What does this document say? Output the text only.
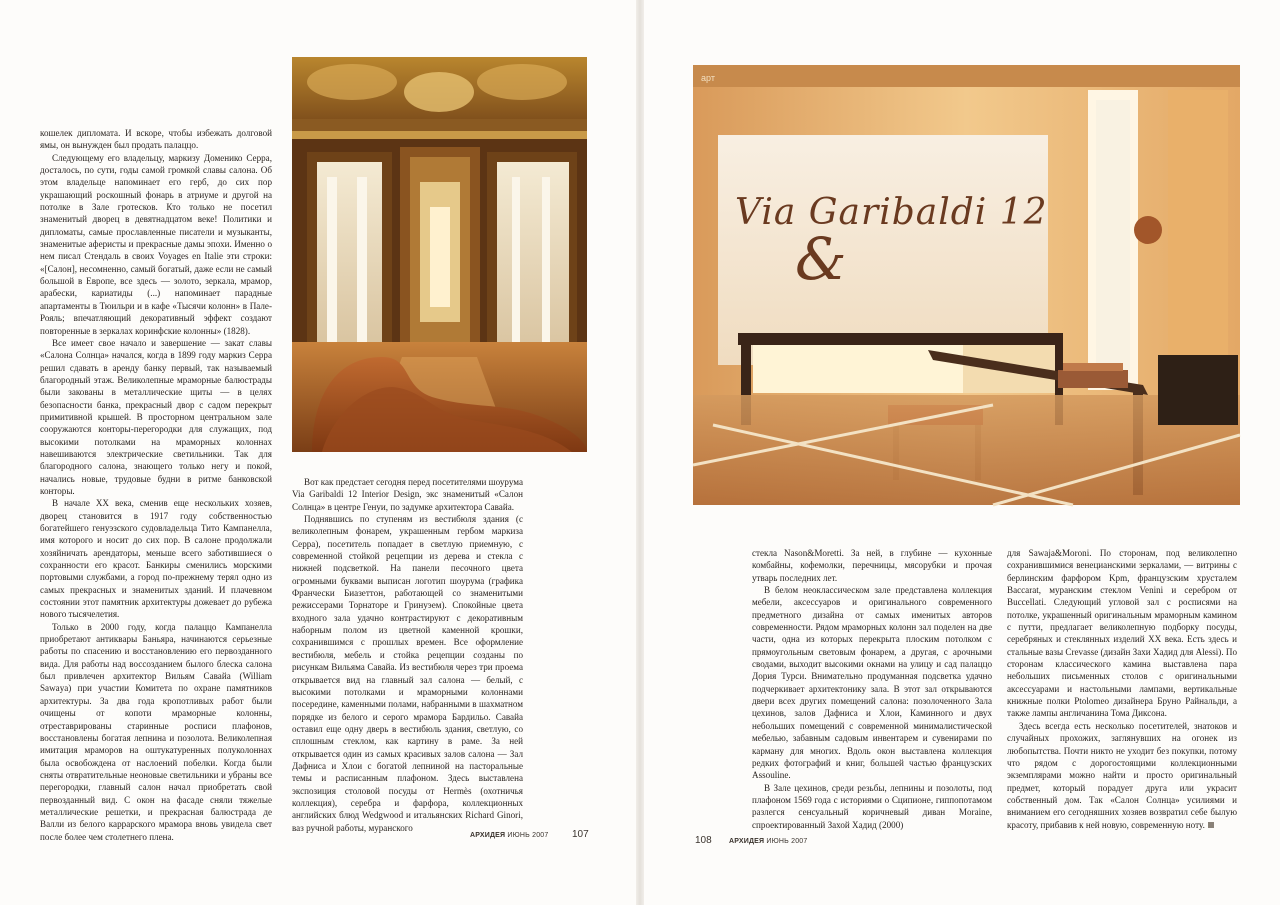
арт
Via Garibaldi 12
&

кошелек дипломата. И вскоре, чтобы избежать долговой ямы, он вынужден был продать палаццо.

Следующему его владельцу, маркизу Доменико Серра, досталось, по сути, годы самой громкой славы салона. Об этом владельце напоминает его герб, до сих пор украшающий роскошный фонарь в атриуме и другой на потолке в Зале гротесков. Кто только не посетил знаменитый дворец в девятнадцатом веке! Политики и дипломаты, самые прославленные писатели и музыканты, знаменитые аферисты и прекрасные дамы эпохи. Именно о нем писал Стендаль в своих Voyages en Italie эти строки: «[Салон], несомненно, самый богатый, даже если не самый большой в Европе, все здесь — золото, зеркала, мрамор, арабески, кариатиды (...) напоминает парадные апартаменты в Тюильри и в кафе «Тысячи колонн» в Пале-Рояль; впечатляющий декоративный эффект создают повторенные в зеркалах коринфские колонны» (1828).

Все имеет свое начало и завершение — закат славы «Салона Солнца» начался, когда в 1899 году маркиз Серра решил сдавать в аренду банку первый, так называемый благородный этаж. Великолепные мраморные балюстрады были закованы в металлические щиты — в целях безопасности банка, прекрасный двор с садом перекрыт примитивной крышей. В просторном центральном зале сооружаются конторы-перегородки для служащих, под высокими потолками на мраморных колоннах навешиваются электрические светильники. Так для благородного салона, знающего только негу и покой, начались новые, трудовые будни в ритме банковской конторы.

В начале XX века, сменив еще нескольких хозяев, дворец становится в 1917 году собственностью богатейшего генуэзского судовладельца Тито Кампанелла, имя которого и носит до сих пор. В салоне продолжали хозяйничать арендаторы, меньше всего заботившиеся о сохранности его красот. Банкиры сменились морскими портовыми службами, а город по-прежнему терял одно из самых прекрасных и знаменитых зданий. И плачевном состоянии этот памятник архитектуры дожевает до рубежа нового тысячелетия.

Только в 2000 году, когда палаццо Кампанелла приобретают антиквары Баньяра, начинаются серьезные работы по спасению и восстановлению его первозданного вида. Для работы над воссозданием былого блеска салона был привлечен архитектор Вильям Савайа (William Sawaya) при участии Комитета по охране памятников архитектуры. За два года кропотливых работ были очищены от копоти мраморные колонны, отреставрированы старинные росписи плафонов, восстановлены богатая лепнина и позолота. Великолепная имитация мраморов на оштукатуренных полуколоннах была освобождена от наслоений побелки. Когда были сняты отвратительные неоновые светильники и убраны все перегородки, главный салон начал приобретать свой первозданный вид. С окон на фасаде сняли тяжелые металлические решетки, и прекрасная балюстрада де Валли из белого каррарского мрамора вновь увидела свет после более чем столетнего плена.

Вот как предстает сегодня перед посетителями шоурума Via Garibaldi 12 Interior Design, экс знаменитый «Салон Солнца» в центре Генуи, по задумке архитектора Савайа.

Поднявшись по ступеням из вестибюля здания (с великолепным фонарем, украшенным гербом маркиза Серра), посетитель попадает в светлую приемную, с современной стойкой рецепции из дерева и стекла с нижней подсветкой. На панели песочного цвета огромными буквами выписан логотип шоурума (графика Франчески Биазеттон, работающей со знаменитыми режиссерами Торнаторе и Гринуэем). Спокойные цвета входного зала удачно контрастируют с декоративным наборным полом из цветной каменной крошки, сохранившимся с прошлых времен. Все оформление вестибюля, мебель и стойка рецепции созданы по рисункам Вильяма Савайа. Из вестибюля через три проема открывается вид на главный зал салона — белый, с высокими потолками и мраморными колоннами посередине, каменными полами, набранными в шахматном порядке из белого и серого мрамора Бардильо. Савайа оставил еще одну дверь в вестибюль здания, светлую, со сплошным стеклом, как картину в раме. За ней открывается один из самых красивых залов салона — Зал Дафниса и Хлои с богатой лепниной на пасторальные темы и расписанным плафоном. Здесь выставлена экспозиция столовой посуды от Hermès (охотничья коллекция), серебра и фарфора, коллекционных английских блюд Wedgwood и итальянских Richard Ginori, ваз ручной работы, муранского

стекла Nason&Moretti. За ней, в глубине — кухонные комбайны, кофемолки, перечницы, мясорубки и прочая утварь последних лет.

В белом неоклассическом зале представлена коллекция мебели, аксессуаров и оригинального современного предметного дизайна от самых именитых авторов современности. Рядом мраморных колонн зал поделен на две части, одна из которых перекрыта плоским потолком с прямоугольным световым фонарем, а другая, с арочными сводами, выходит высокими окнами на улицу и сад палаццо Дория Турси. Внимательно продуманная подсветка удачно подчеркивает архитектонику зала. В этот зал открываются двери всех других помещений салона: позолоченного Зала цехинов, залов Дафниса и Хлои, Каминного и двух небольших помещений с современной минималистической мебелью, забавным садовым инвентарем и сувенирами по карману для многих. Вдоль окон выставлена коллекция редких фотографий и книг, большей частью французских Assouline.

В Зале цехинов, среди резьбы, лепнины и позолоты, под плафоном 1569 года с историями о Сципионе, гиппопотамом разлегся сенсуальный коричневый диван Moraine, спроектированный Захой Хадид (2000)

для Sawaja&Moroni. По сторонам, под великолепно сохранившимися венецианскими зеркалами, — витрины с берлинским фарфором Kpm, французским хрусталем Baccarat, муранским стеклом Venini и серебром от Buccellati. Следующий угловой зал с росписями на потолке, украшенный оригинальным мраморным камином с путти, предлагает великолепную подборку посуды, серебряных и стеклянных изделий XX века. Есть здесь и стальные вазы Crevasse (дизайн Захи Хадид для Alessi). По сторонам классического камина выставлена пара небольших письменных столов с оригинальными аксессуарами и настольными лампами, вертикальные книжные полки Ptolomeo дизайнера Бруно Райнальди, а также лампы англичанина Тома Диксона.

Здесь всегда есть несколько посетителей, знатоков и случайных прохожих, заглянувших на огонек из любопытства. Почти никто не уходит без покупки, потому что рядом с дорогостоящими коллекционными экземплярами можно найти и просто оригинальный предмет, который порадует друга или украсит собственный дом. Так «Салон Солнца» усилиями и вниманием его сегодняшних хозяев возвратил себе былую красоту, прибавив к ней новую, современную ноту.

АРХИДЕЯ ИЮНЬ 2007 107
108 АРХИДЕЯ ИЮНЬ 2007
